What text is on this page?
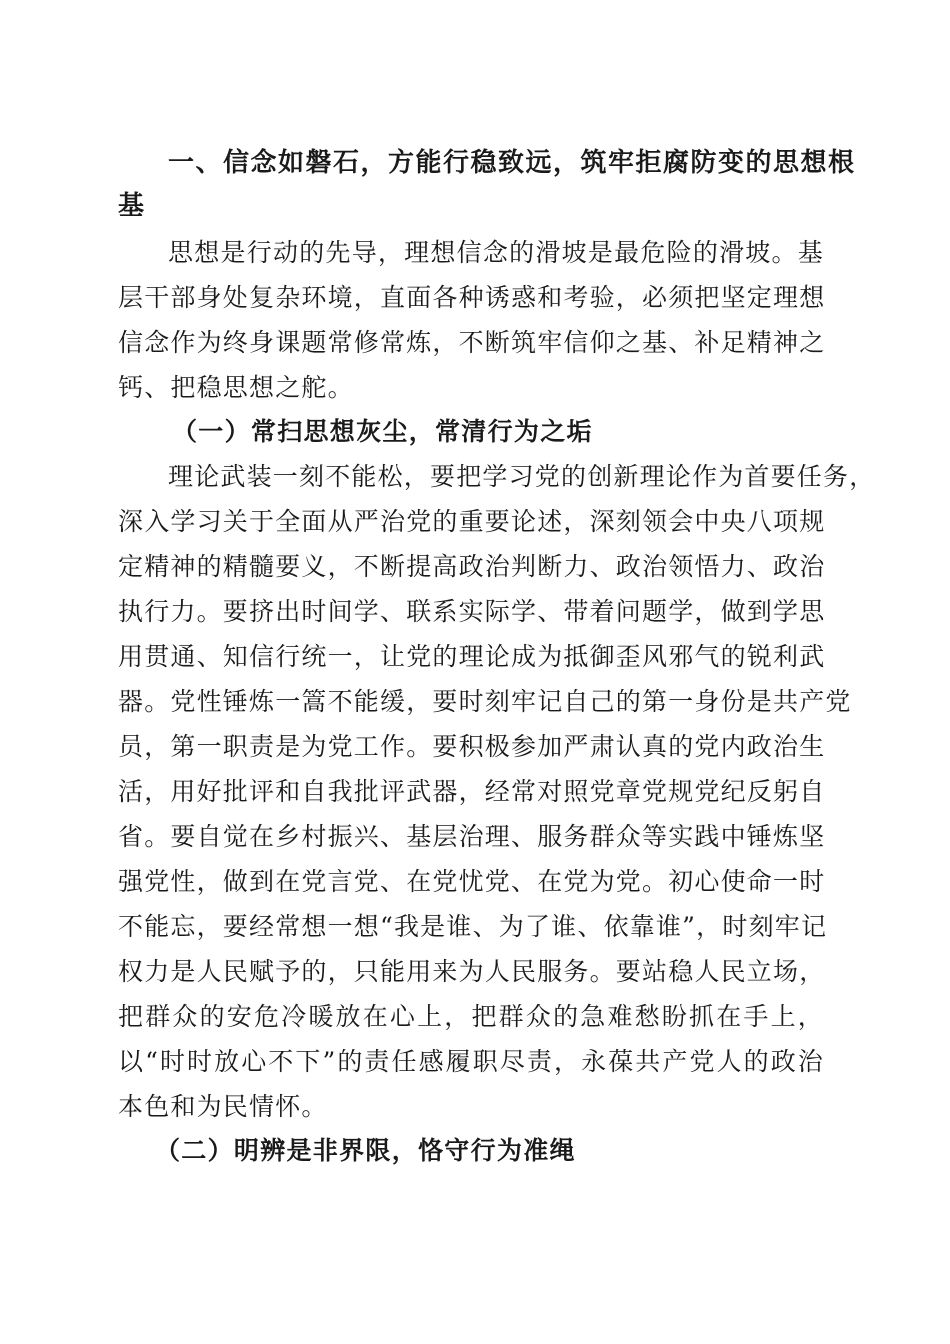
一、信念如磐石，方能行稳致远，筑牢拒腐防变的思想根
基
思想是行动的先导，理想信念的滑坡是最危险的滑坡。基
层干部身处复杂环境，直面各种诱惑和考验，必须把坚定理想
信念作为终身课题常修常炼，不断筑牢信仰之基、补足精神之
钙、把稳思想之舵。
（一）常扫思想灰尘，常清行为之垢
理论武装一刻不能松，要把学习党的创新理论作为首要任务，
深入学习关于全面从严治党的重要论述，深刻领会中央八项规
定精神的精髓要义，不断提高政治判断力、政治领悟力、政治
执行力。要挤出时间学、联系实际学、带着问题学，做到学思
用贯通、知信行统一，让党的理论成为抵御歪风邪气的锐利武
器。党性锤炼一篙不能缓，要时刻牢记自己的第一身份是共产党
员，第一职责是为党工作。要积极参加严肃认真的党内政治生
活，用好批评和自我批评武器，经常对照党章党规党纪反躬自
省。要自觉在乡村振兴、基层治理、服务群众等实践中锤炼坚
强党性，做到在党言党、在党忧党、在党为党。初心使命一时
不能忘，要经常想一想“我是谁、为了谁、依靠谁”，时刻牢记
权力是人民赋予的，只能用来为人民服务。要站稳人民立场，
把群众的安危冷暖放在心上，把群众的急难愁盼抓在手上，
以“时时放心不下”的责任感履职尽责，永葆共产党人的政治
本色和为民情怀。
（二）明辨是非界限，恪守行为准绳
